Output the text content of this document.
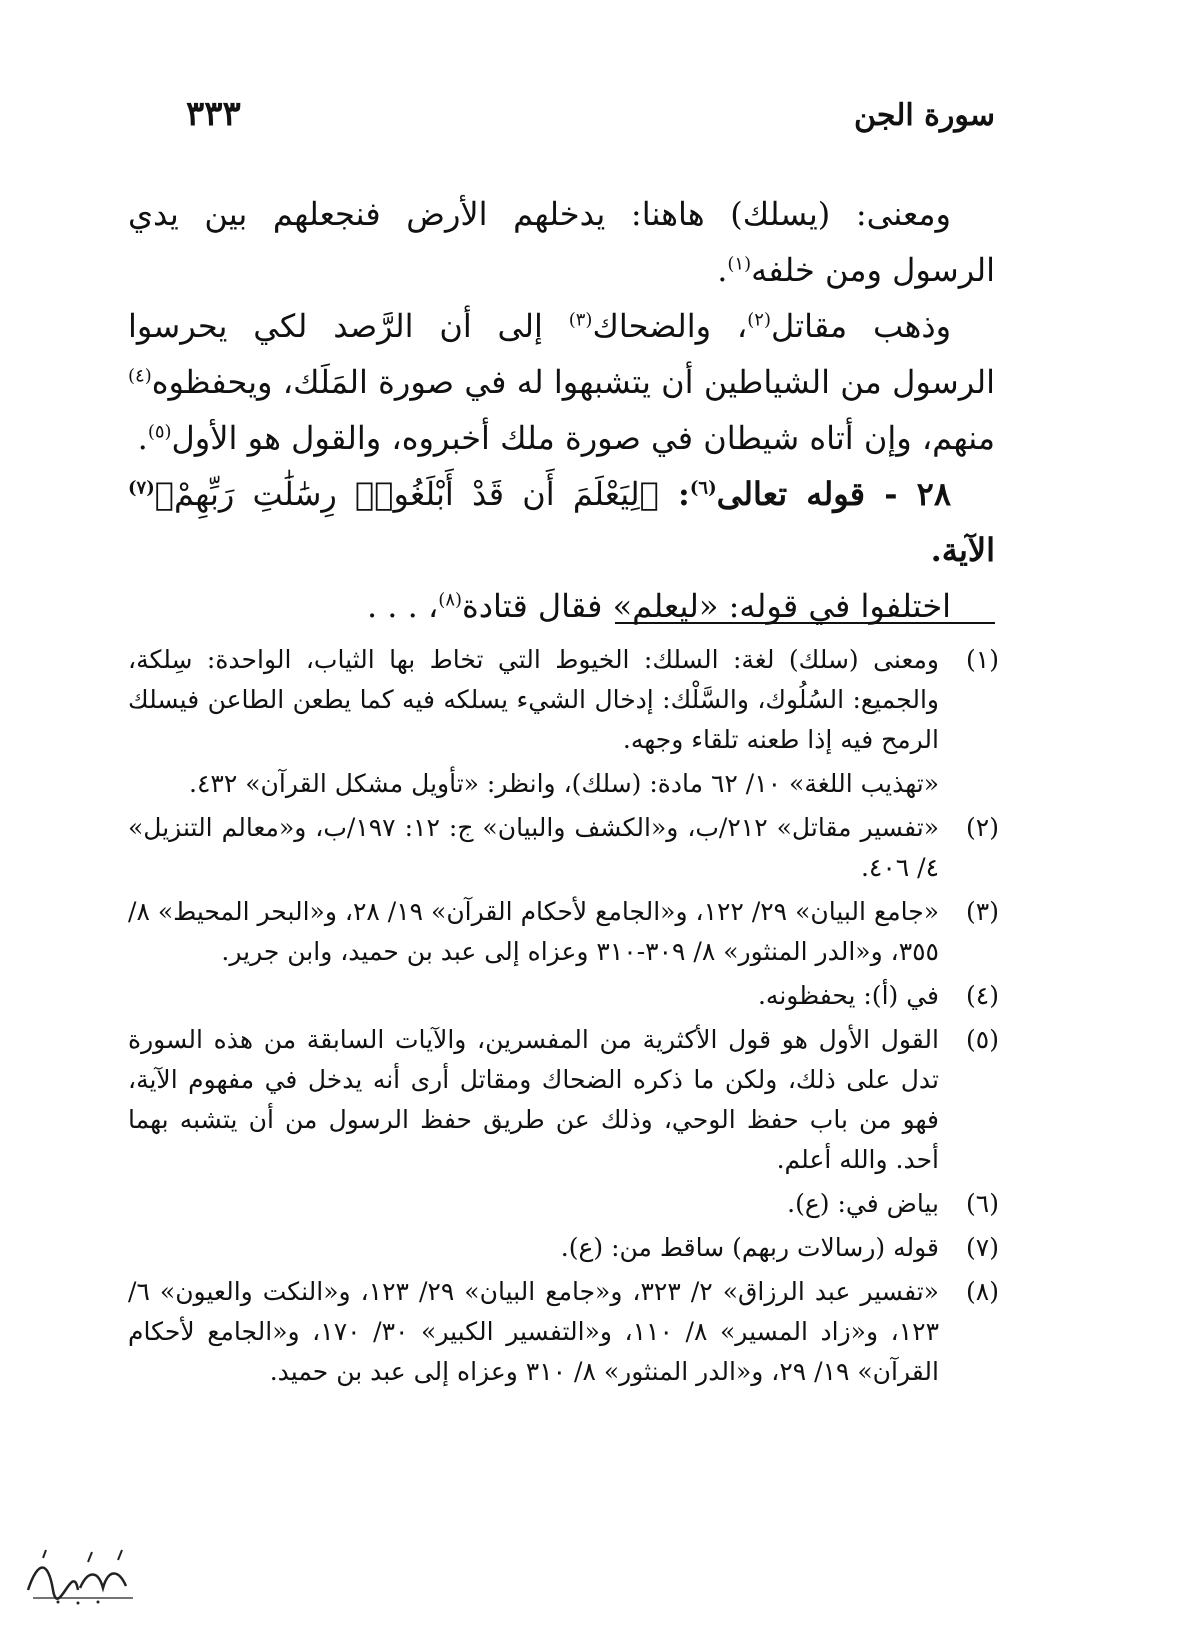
سورة الجن
٣٣٣

ومعنى: (يسلك) هاهنا: يدخلهم الأرض فنجعلهم بين يدي الرسول ومن خلفه$^{(١)}$.

وذهب مقاتل$^{(٢)}$، والضحاك$^{(٣)}$ إلى أن الرَّصد لكي يحرسوا الرسول من الشياطين أن يتشبهوا له في صورة المَلَك، ويحفظوه$^{(٤)}$ منهم، وإن أتاه شيطان في صورة ملك أخبروه، والقول هو الأول$^{(٥)}$.

٢٨ - قوله تعالى$^{(٦)}$: ﴿لِيَعْلَمَ أَن قَدْ أَبْلَغُوا۟ رِسَٰلَٰتِ رَبِّهِمْ﴾$^{(٧)}$ الآية.

اختلفوا في قوله: «ليعلم» فقال قتادة$^{(٨)}$، . . .

(١)
ومعنى (سلك) لغة: السلك: الخيوط التي تخاط بها الثياب، الواحدة: سِلكة، والجميع: السُلُوك، والسَّلْك: إدخال الشيء يسلكه فيه كما يطعن الطاعن فيسلك الرمح فيه إذا طعنه تلقاء وجهه.
«تهذيب اللغة» ١٠/ ٦٢ مادة: (سلك)، وانظر: «تأويل مشكل القرآن» ٤٣٢.
(٢)
«تفسير مقاتل» ٢١٢/ب، و«الكشف والبيان» ج: ١٢: ١٩٧/ب، و«معالم التنزيل» ٤/ ٤٠٦.
(٣)
«جامع البيان» ٢٩/ ١٢٢، و«الجامع لأحكام القرآن» ١٩/ ٢٨، و«البحر المحيط» ٨/ ٣٥٥، و«الدر المنثور» ٨/ ٣٠٩-٣١٠ وعزاه إلى عبد بن حميد، وابن جرير.
(٤)
في (أ): يحفظونه.
(٥)
القول الأول هو قول الأكثرية من المفسرين، والآيات السابقة من هذه السورة تدل على ذلك، ولكن ما ذكره الضحاك ومقاتل أرى أنه يدخل في مفهوم الآية، فهو من باب حفظ الوحي، وذلك عن طريق حفظ الرسول من أن يتشبه بهما أحد. والله أعلم.
(٦)
بياض في: (ع).
(٧)
قوله (رسالات ربهم) ساقط من: (ع).
(٨)
«تفسير عبد الرزاق» ٢/ ٣٢٣، و«جامع البيان» ٢٩/ ١٢٣، و«النكت والعيون» ٦/ ١٢٣، و«زاد المسير» ٨/ ١١٠، و«التفسير الكبير» ٣٠/ ١٧٠، و«الجامع لأحكام القرآن» ١٩/ ٢٩، و«الدر المنثور» ٨/ ٣١٠ وعزاه إلى عبد بن حميد.
